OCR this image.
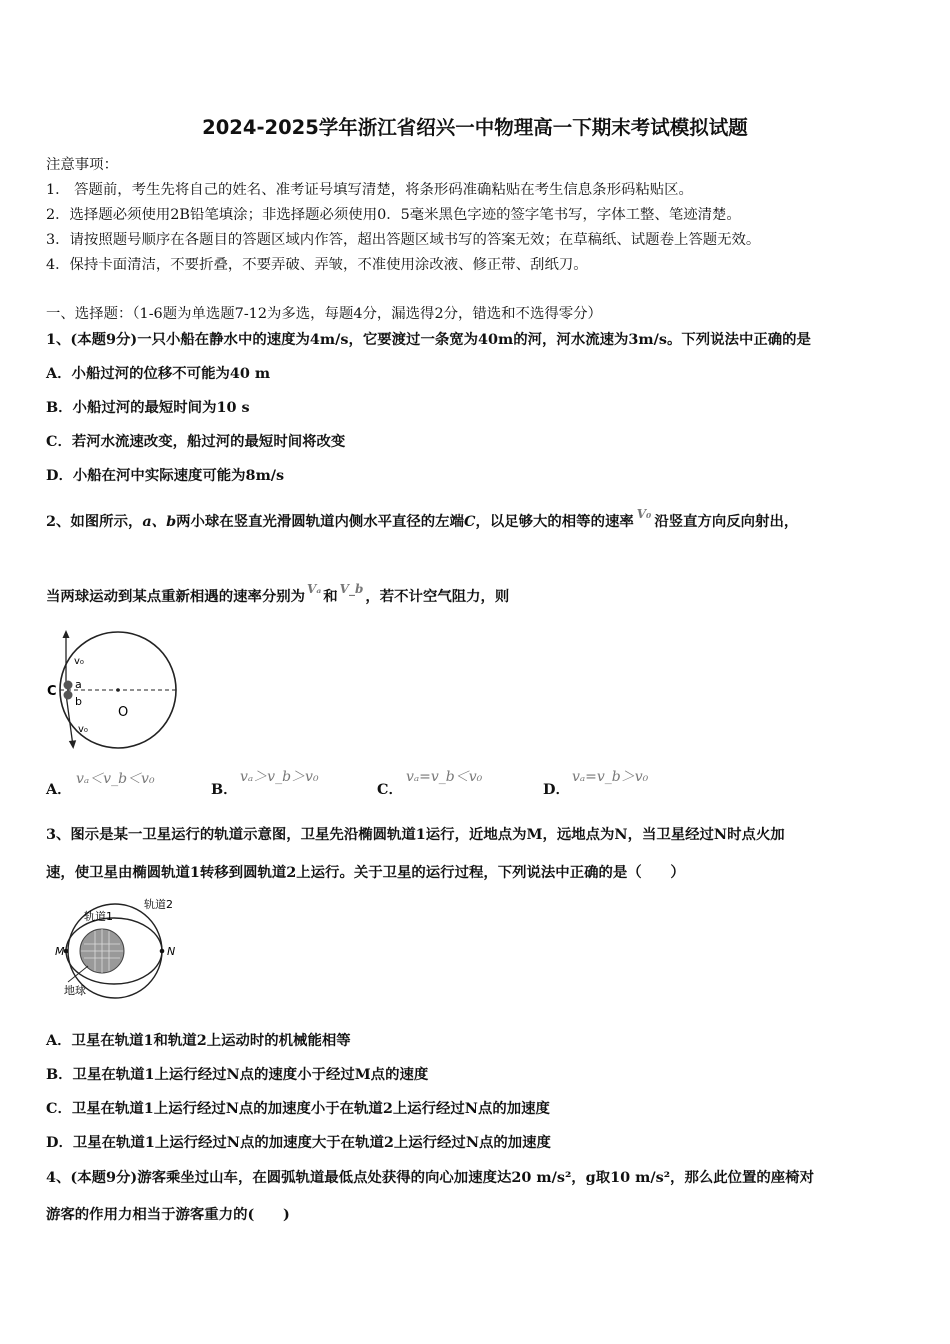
2024-2025学年浙江省绍兴一中物理高一下期末考试模拟试题
注意事项：
1． 答题前，考生先将自己的姓名、准考证号填写清楚，将条形码准确粘贴在考生信息条形码粘贴区。
2．选择题必须使用2B铅笔填涂；非选择题必须使用0．5毫米黑色字迹的签字笔书写，字体工整、笔迹清楚。
3．请按照题号顺序在各题目的答题区域内作答，超出答题区域书写的答案无效；在草稿纸、试题卷上答题无效。
4．保持卡面清洁，不要折叠，不要弄破、弄皱，不准使用涂改液、修正带、刮纸刀。
一、选择题：（1-6题为单选题7-12为多选，每题4分，漏选得2分，错选和不选得零分）
1、(本题9分)一只小船在静水中的速度为4m/s，它要渡过一条宽为40m的河，河水流速为3m/s。下列说法中正确的是
A．小船过河的位移不可能为40 m
B．小船过河的最短时间为10 s
C．若河水流速改变，船过河的最短时间将改变
D．小船在河中实际速度可能为8m/s
2、如图所示，a、b两小球在竖直光滑圆轨道内侧水平直径的左端C，以足够大的相等的速率 $^{V_0}$ 沿竖直方向反向射出，
当两球运动到某点重新相遇的速率分别为 $^{V_a}$ 和 $^{V\_b}$ ，若不计空气阻力，则
C a
b
O
v₀
v₀
A．
vₐ＜v_b＜v₀
B．
vₐ＞v_b＞v₀
C．
vₐ=v_b＜v₀
D．
vₐ=v_b＞v₀
3、图示是某一卫星运行的轨道示意图，卫星先沿椭圆轨道1运行，近地点为M，远地点为N，当卫星经过N时点火加
速，使卫星由椭圆轨道1转移到圆轨道2上运行。关于卫星的运行过程，下列说法中正确的是（　　）
轨道1
轨道2
M	N
地球
A．卫星在轨道1和轨道2上运动时的机械能相等
B．卫星在轨道1上运行经过N点的速度小于经过M点的速度
C．卫星在轨道1上运行经过N点的加速度小于在轨道2上运行经过N点的加速度
D．卫星在轨道1上运行经过N点的加速度大于在轨道2上运行经过N点的加速度
4、(本题9分)游客乘坐过山车，在圆弧轨道最低点处获得的向心加速度达20 m/s²，g取10 m/s²，那么此位置的座椅对
游客的作用力相当于游客重力的(　　)
